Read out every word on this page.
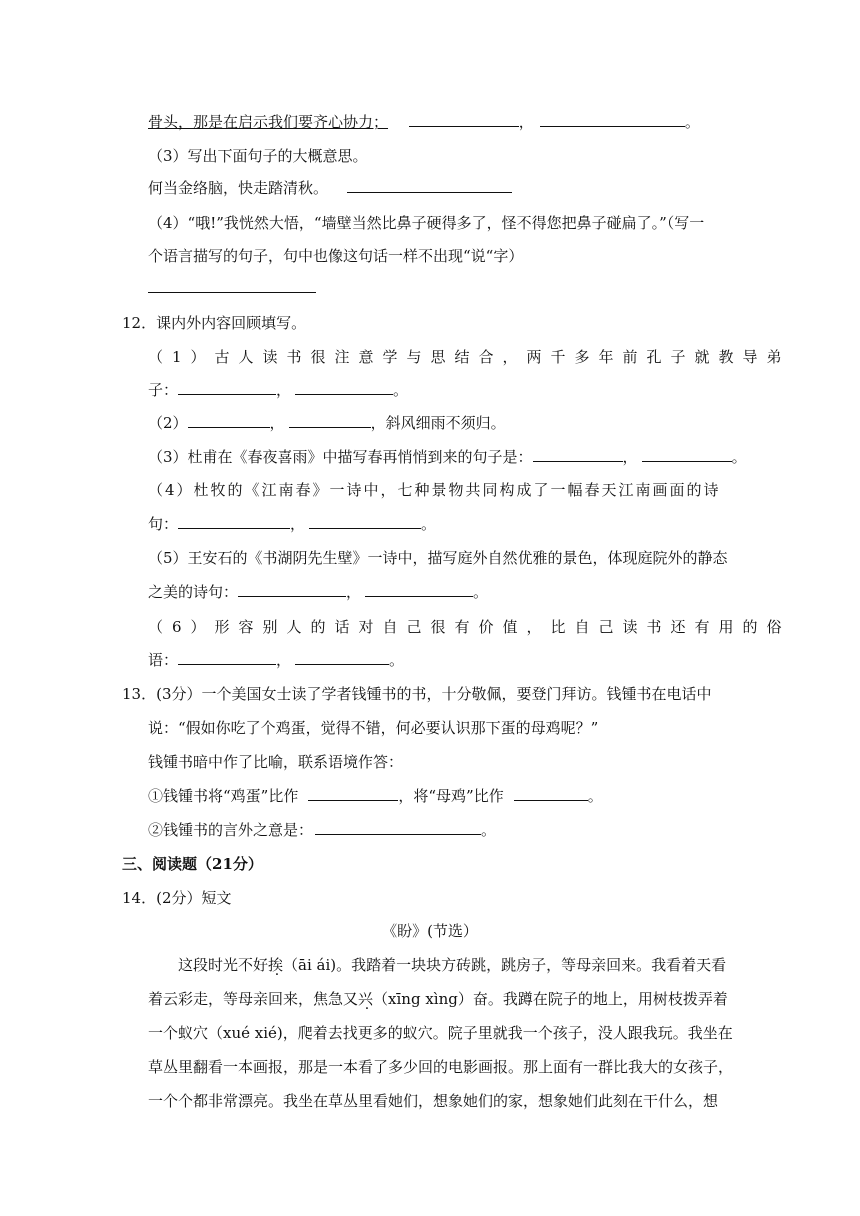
骨头，那是在启示我们要齐心协力；	，	。
（3）写出下面句子的大概意思。
何当金络脑，快走踏清秋。
（4）“哦!”我恍然大悟，“墙壁当然比鼻子硬得多了，怪不得您把鼻子碰扁了。”（写一
个语言描写的句子，句中也像这句话一样不出现“说“字）
12．课内外内容回顾填写。
（1）古人读书很注意学与思结合，两千多年前孔子就教导弟
子：	，	。
（2）	，	，斜风细雨不须归。
（3）杜甫在《春夜喜雨》中描写春再悄悄到来的句子是：	，	。
（4）杜牧的《江南春》一诗中，七种景物共同构成了一幅春天江南画面的诗
句：	，	。
（5）王安石的《书湖阴先生壁》一诗中，描写庭外自然优雅的景色，体现庭院外的静态
之美的诗句：	，	。
（6）形容别人的话对自己很有价值，比自己读书还有用的俗
语：	，	。
13．(3分）一个美国女士读了学者钱锺书的书，十分敬佩，要登门拜访。钱锺书在电话中
说：“假如你吃了个鸡蛋，觉得不错，何必要认识那下蛋的母鸡呢？”
钱锺书暗中作了比喻，联系语境作答：
①钱锺书将“鸡蛋”比作	，将“母鸡”比作	。
②钱锺书的言外之意是：	。
三、阅读题（21分）
14．(2分）短文
《盼》(节选）
这段时光不好挨（āi ái)。我踏着一块块方砖跳，跳房子，等母亲回来。我看着天看
着云彩走，等母亲回来，焦急又兴（xīng xìng）奋。我蹲在院子的地上，用树枝拨弄着
一个蚁穴（xué xié)，爬着去找更多的蚁穴。院子里就我一个孩子，没人跟我玩。我坐在
草丛里翻看一本画报，那是一本看了多少回的电影画报。那上面有一群比我大的女孩子，
一个个都非常漂亮。我坐在草丛里看她们，想象她们的家，想象她们此刻在干什么，想
